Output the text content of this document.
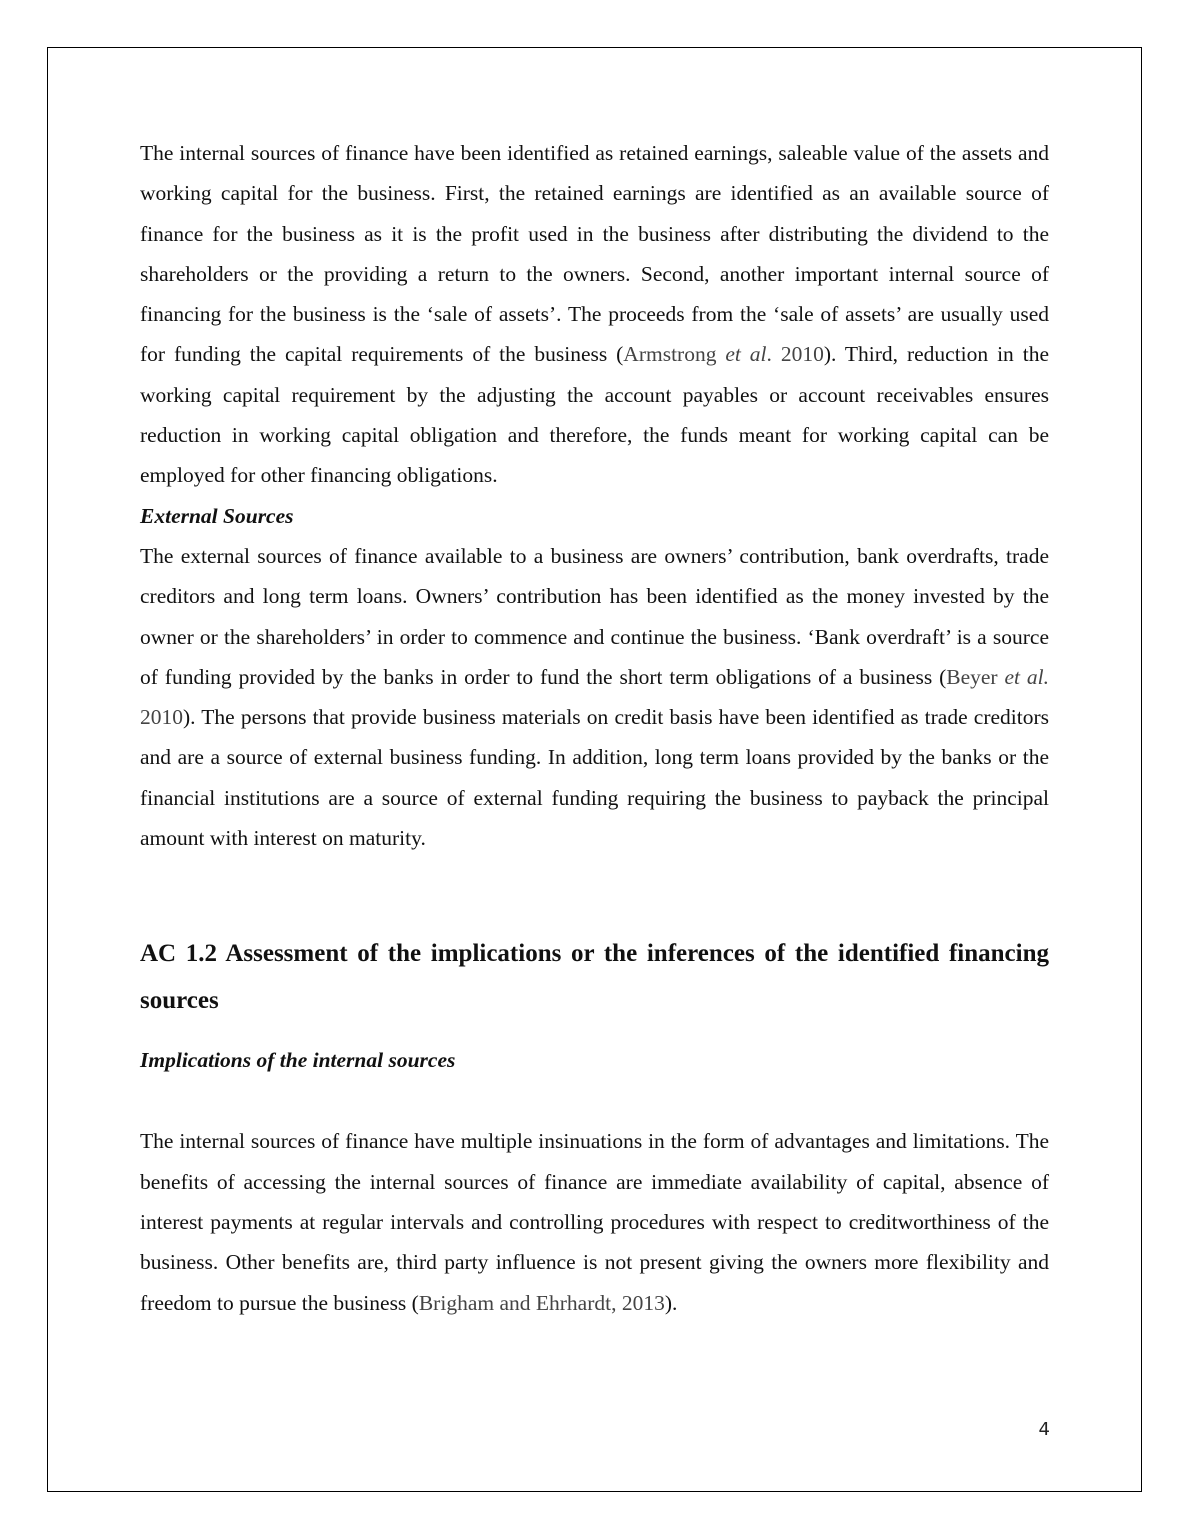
The internal sources of finance have been identified as retained earnings, saleable value of the assets and working capital for the business. First, the retained earnings are identified as an available source of finance for the business as it is the profit used in the business after distributing the dividend to the shareholders or the providing a return to the owners. Second, another important internal source of financing for the business is the ‘sale of assets’. The proceeds from the ‘sale of assets’ are usually used for funding the capital requirements of the business (Armstrong et al. 2010). Third, reduction in the working capital requirement by the adjusting the account payables or account receivables ensures reduction in working capital obligation and therefore, the funds meant for working capital can be employed for other financing obligations.

External Sources

The external sources of finance available to a business are owners’ contribution, bank overdrafts, trade creditors and long term loans. Owners’ contribution has been identified as the money invested by the owner or the shareholders’ in order to commence and continue the business. ‘Bank overdraft’ is a source of funding provided by the banks in order to fund the short term obligations of a business (Beyer et al. 2010). The persons that provide business materials on credit basis have been identified as trade creditors and are a source of external business funding. In addition, long term loans provided by the banks or the financial institutions are a source of external funding requiring the business to payback the principal amount with interest on maturity.

AC 1.2 Assessment of the implications or the inferences of the identified financing sources
Implications of the internal sources

The internal sources of finance have multiple insinuations in the form of advantages and limitations. The benefits of accessing the internal sources of finance are immediate availability of capital, absence of interest payments at regular intervals and controlling procedures with respect to creditworthiness of the business. Other benefits are, third party influence is not present giving the owners more flexibility and freedom to pursue the business (Brigham and Ehrhardt, 2013).

4
